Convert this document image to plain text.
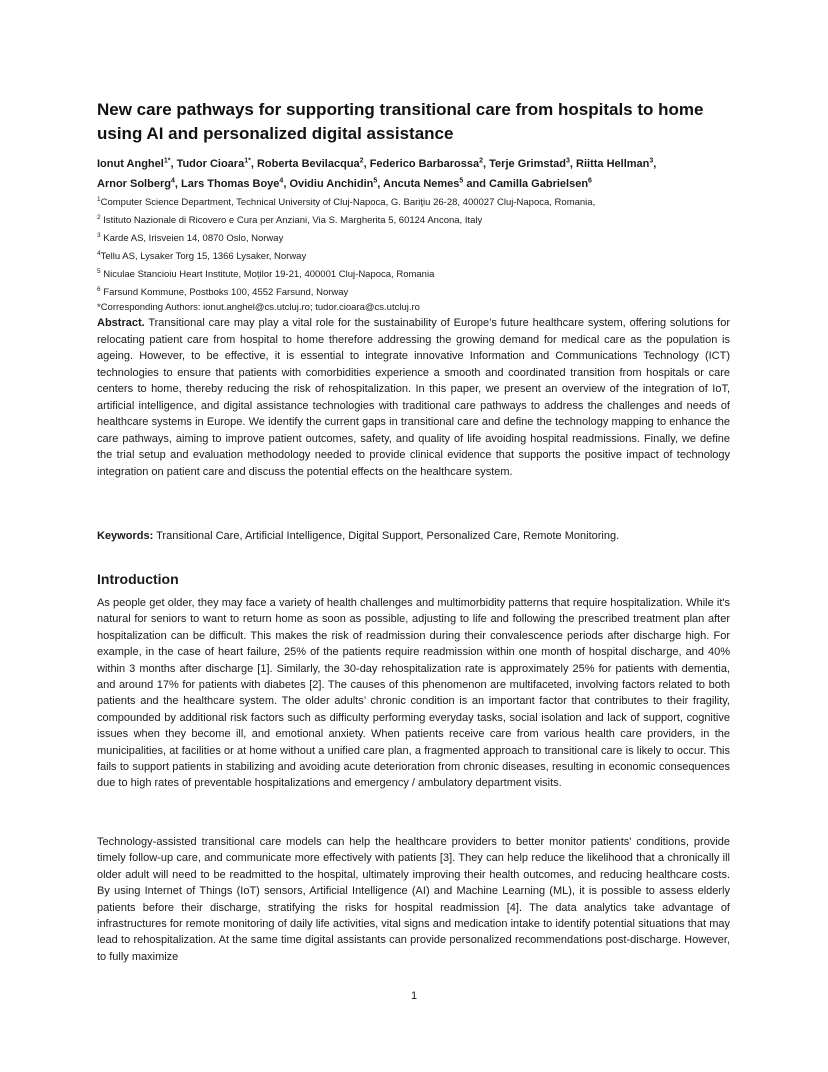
New care pathways for supporting transitional care from hospitals to home using AI and personalized digital assistance
Ionut Anghel$^{1*}$, Tudor Cioara$^{1*}$, Roberta Bevilacqua$^2$, Federico Barbarossa$^2$, Terje Grimstad$^3$, Riitta Hellman$^3$,
Arnor Solberg$^4$, Lars Thomas Boye$^4$, Ovidiu Anchidin$^5$, Ancuta Nemes$^5$ and Camilla Gabrielsen$^6$
$^1$Computer Science Department, Technical University of Cluj-Napoca, G. Bariţiu 26-28, 400027 Cluj-Napoca, Romania,
$^2$ Istituto Nazionale di Ricovero e Cura per Anziani, Via S. Margherita 5, 60124 Ancona, Italy
$^3$ Karde AS, Irisveien 14, 0870 Oslo, Norway
$^4$Tellu AS, Lysaker Torg 15, 1366 Lysaker, Norway
$^5$ Niculae Stancioiu Heart Institute, Moților 19-21, 400001 Cluj-Napoca, Romania
$^6$ Farsund Kommune, Postboks 100, 4552 Farsund, Norway
*Corresponding Authors: ionut.anghel@cs.utcluj.ro; tudor.cioara@cs.utcluj.ro
Abstract. Transitional care may play a vital role for the sustainability of Europe’s future healthcare system, offering solutions for relocating patient care from hospital to home therefore addressing the growing demand for medical care as the population is ageing. However, to be effective, it is essential to integrate innovative Information and Communications Technology (ICT) technologies to ensure that patients with comorbidities experience a smooth and coordinated transition from hospitals or care centers to home, thereby reducing the risk of rehospitalization. In this paper, we present an overview of the integration of IoT, artificial intelligence, and digital assistance technologies with traditional care pathways to address the challenges and needs of healthcare systems in Europe. We identify the current gaps in transitional care and define the technology mapping to enhance the care pathways, aiming to improve patient outcomes, safety, and quality of life avoiding hospital readmissions. Finally, we define the trial setup and evaluation methodology needed to provide clinical evidence that supports the positive impact of technology integration on patient care and discuss the potential effects on the healthcare system.
Keywords: Transitional Care, Artificial Intelligence, Digital Support, Personalized Care, Remote Monitoring.
Introduction
As people get older, they may face a variety of health challenges and multimorbidity patterns that require hospitalization. While it's natural for seniors to want to return home as soon as possible, adjusting to life and following the prescribed treatment plan after hospitalization can be difficult. This makes the risk of readmission during their convalescence periods after discharge high. For example, in the case of heart failure, 25% of the patients require readmission within one month of hospital discharge, and 40% within 3 months after discharge [1]. Similarly, the 30-day rehospitalization rate is approximately 25% for patients with dementia, and around 17% for patients with diabetes [2]. The causes of this phenomenon are multifaceted, involving factors related to both patients and the healthcare system. The older adults’ chronic condition is an important factor that contributes to their fragility, compounded by additional risk factors such as difficulty performing everyday tasks, social isolation and lack of support, cognitive issues when they become ill, and emotional anxiety. When patients receive care from various health care providers, in the municipalities, at facilities or at home without a unified care plan, a fragmented approach to transitional care is likely to occur. This fails to support patients in stabilizing and avoiding acute deterioration from chronic diseases, resulting in economic consequences due to high rates of preventable hospitalizations and emergency / ambulatory department visits.
Technology-assisted transitional care models can help the healthcare providers to better monitor patients' conditions, provide timely follow-up care, and communicate more effectively with patients [3]. They can help reduce the likelihood that a chronically ill older adult will need to be readmitted to the hospital, ultimately improving their health outcomes, and reducing healthcare costs. By using Internet of Things (IoT) sensors, Artificial Intelligence (AI) and Machine Learning (ML), it is possible to assess elderly patients before their discharge, stratifying the risks for hospital readmission [4]. The data analytics take advantage of infrastructures for remote monitoring of daily life activities, vital signs and medication intake to identify potential situations that may lead to rehospitalization. At the same time digital assistants can provide personalized recommendations post-discharge. However, to fully maximize
1
